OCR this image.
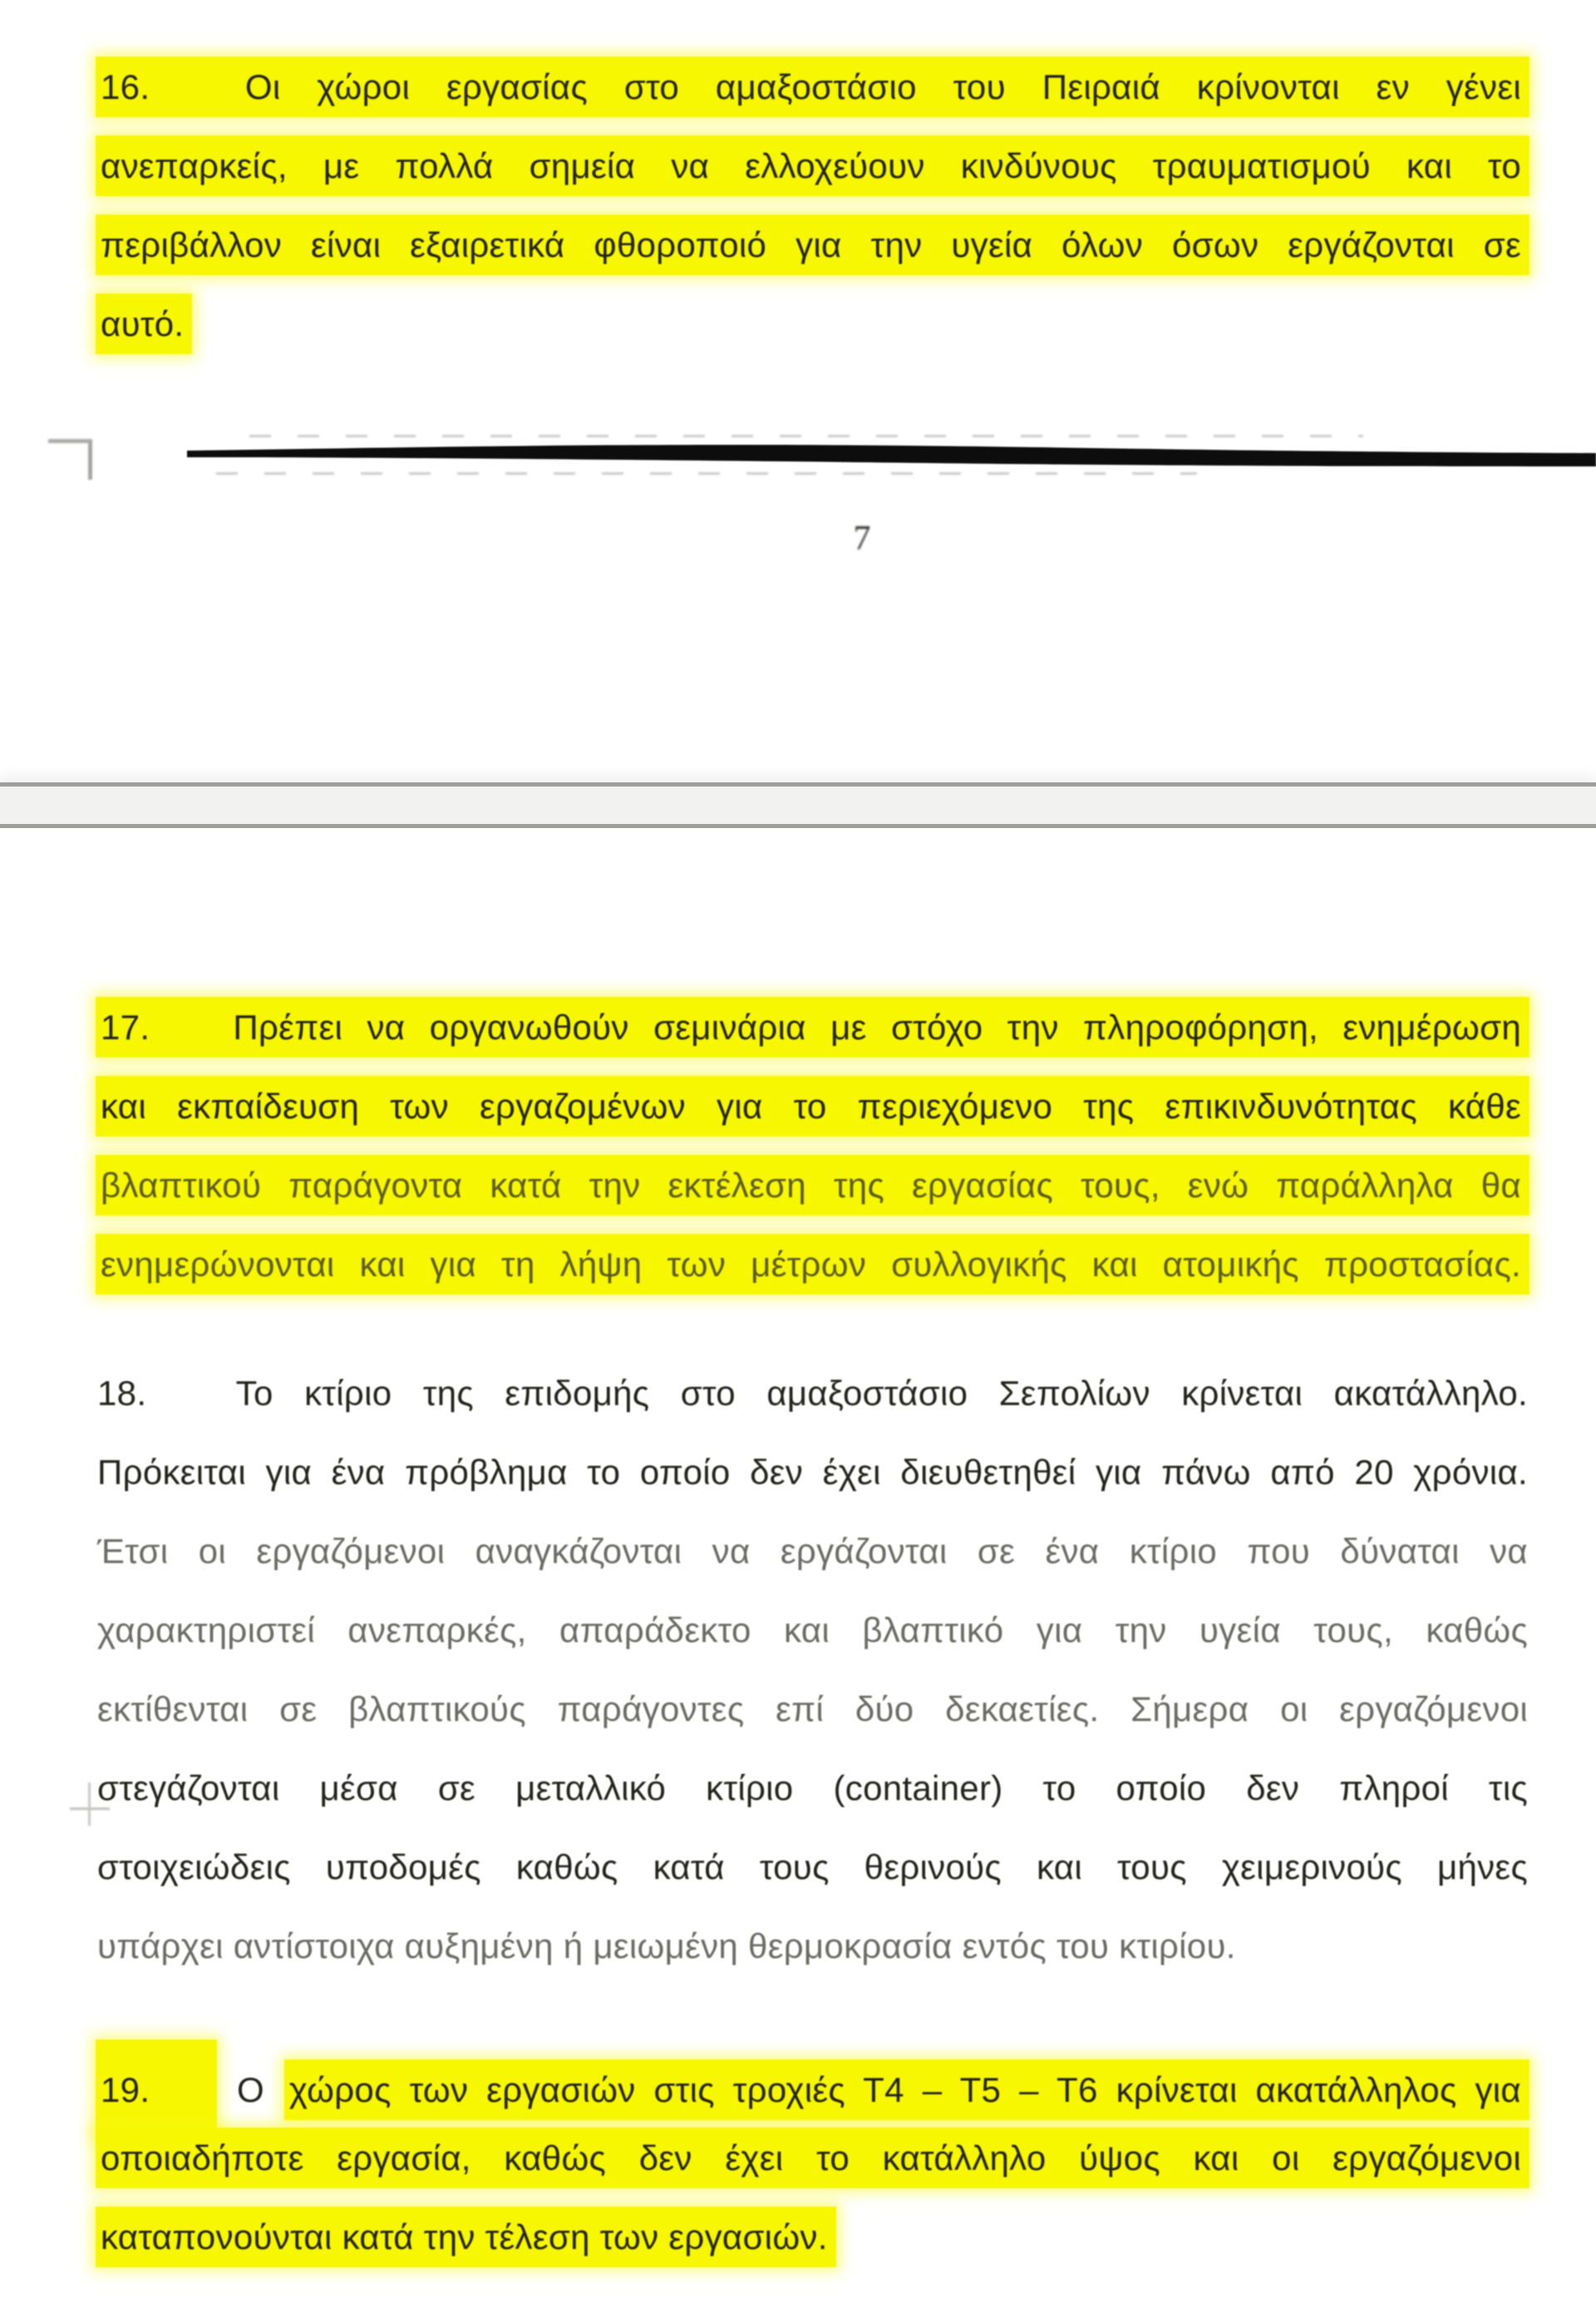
16.	Οι χώροι εργασίας στο αμαξοστάσιο του Πειραιά κρίνονται εν γένει
ανεπαρκείς, με πολλά σημεία να ελλοχεύουν κινδύνους τραυματισμού και το
περιβάλλον είναι εξαιρετικά φθοροποιό για την υγεία όλων όσων εργάζονται σε
αυτό.
7
17. Πρέπει να οργανωθούν σεμινάρια με στόχο την πληροφόρηση, ενημέρωση
και εκπαίδευση των εργαζομένων για το περιεχόμενο της επικινδυνότητας κάθε
βλαπτικού παράγοντα κατά την εκτέλεση της εργασίας τους, ενώ παράλληλα θα
ενημερώνονται και για τη λήψη των μέτρων συλλογικής και ατομικής προστασίας.
18.	Το κτίριο της επιδομής στο αμαξοστάσιο Σεπολίων κρίνεται ακατάλληλο.
Πρόκειται για ένα πρόβλημα το οποίο δεν έχει διευθετηθεί για πάνω από 20 χρόνια.
Έτσι οι εργαζόμενοι αναγκάζονται να εργάζονται σε ένα κτίριο που δύναται να
χαρακτηριστεί ανεπαρκές, απαράδεκτο και βλαπτικό για την υγεία τους, καθώς
εκτίθενται σε βλαπτικούς παράγοντες επί δύο δεκαετίες. Σήμερα οι εργαζόμενοι
στεγάζονται μέσα σε μεταλλικό κτίριο (container) το οποίο δεν πληροί τις
στοιχειώδεις υποδομές καθώς κατά τους θερινούς και τους χειμερινούς μήνες
υπάρχει αντίστοιχα αυξημένη ή μειωμένη θερμοκρασία εντός του κτιρίου.
19. Ο χώρος των εργασιών στις τροχιές Τ4 – Τ5 – Τ6 κρίνεται ακατάλληλος για
οποιαδήποτε εργασία, καθώς δεν έχει το κατάλληλο ύψος και οι εργαζόμενοι
καταπονούνται κατά την τέλεση των εργασιών.
